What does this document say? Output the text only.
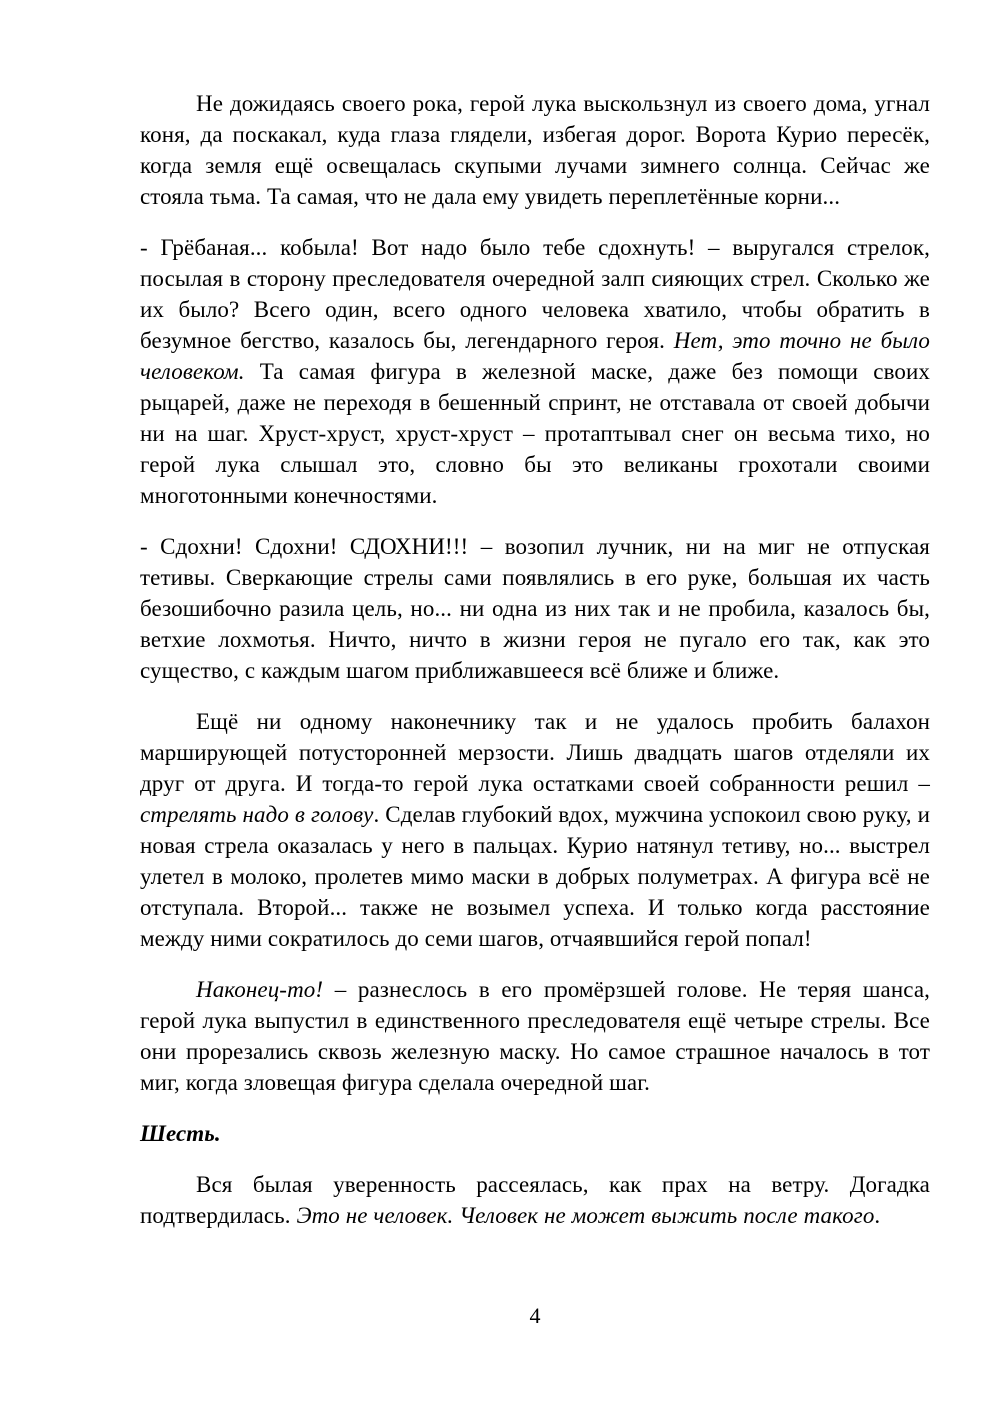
Не дожидаясь своего рока, герой лука выскользнул из своего дома, угнал коня, да поскакал, куда глаза глядели, избегая дорог. Ворота Курио пересёк, когда земля ещё освещалась скупыми лучами зимнего солнца. Сейчас же стояла тьма. Та самая, что не дала ему увидеть переплетённые корни...

- Грёбаная... кобыла! Вот надо было тебе сдохнуть! – выругался стрелок, посылая в сторону преследователя очередной залп сияющих стрел. Сколько же их было? Всего один, всего одного человека хватило, чтобы обратить в безумное бегство, казалось бы, легендарного героя. Нет, это точно не было человеком. Та самая фигура в железной маске, даже без помощи своих рыцарей, даже не переходя в бешенный спринт, не отставала от своей добычи ни на шаг. Хруст-хруст, хруст-хруст – протаптывал снег он весьма тихо, но герой лука слышал это, словно бы это великаны грохотали своими многотонными конечностями.

- Сдохни! Сдохни! СДОХНИ!!! – возопил лучник, ни на миг не отпуская тетивы. Сверкающие стрелы сами появлялись в его руке, большая их часть безошибочно разила цель, но... ни одна из них так и не пробила, казалось бы, ветхие лохмотья. Ничто, ничто в жизни героя не пугало его так, как это существо, с каждым шагом приближавшееся всё ближе и ближе.

Ещё ни одному наконечнику так и не удалось пробить балахон марширующей потусторонней мерзости. Лишь двадцать шагов отделяли их друг от друга. И тогда-то герой лука остатками своей собранности решил – стрелять надо в голову. Сделав глубокий вдох, мужчина успокоил свою руку, и новая стрела оказалась у него в пальцах. Курио натянул тетиву, но... выстрел улетел в молоко, пролетев мимо маски в добрых полуметрах. А фигура всё не отступала. Второй... также не возымел успеха. И только когда расстояние между ними сократилось до семи шагов, отчаявшийся герой попал!

Наконец-то! – разнеслось в его промёрзшей голове. Не теряя шанса, герой лука выпустил в единственного преследователя ещё четыре стрелы. Все они прорезались сквозь железную маску. Но самое страшное началось в тот миг, когда зловещая фигура сделала очередной шаг.

Шесть.

Вся былая уверенность рассеялась, как прах на ветру. Догадка подтвердилась. Это не человек. Человек не может выжить после такого.

4
